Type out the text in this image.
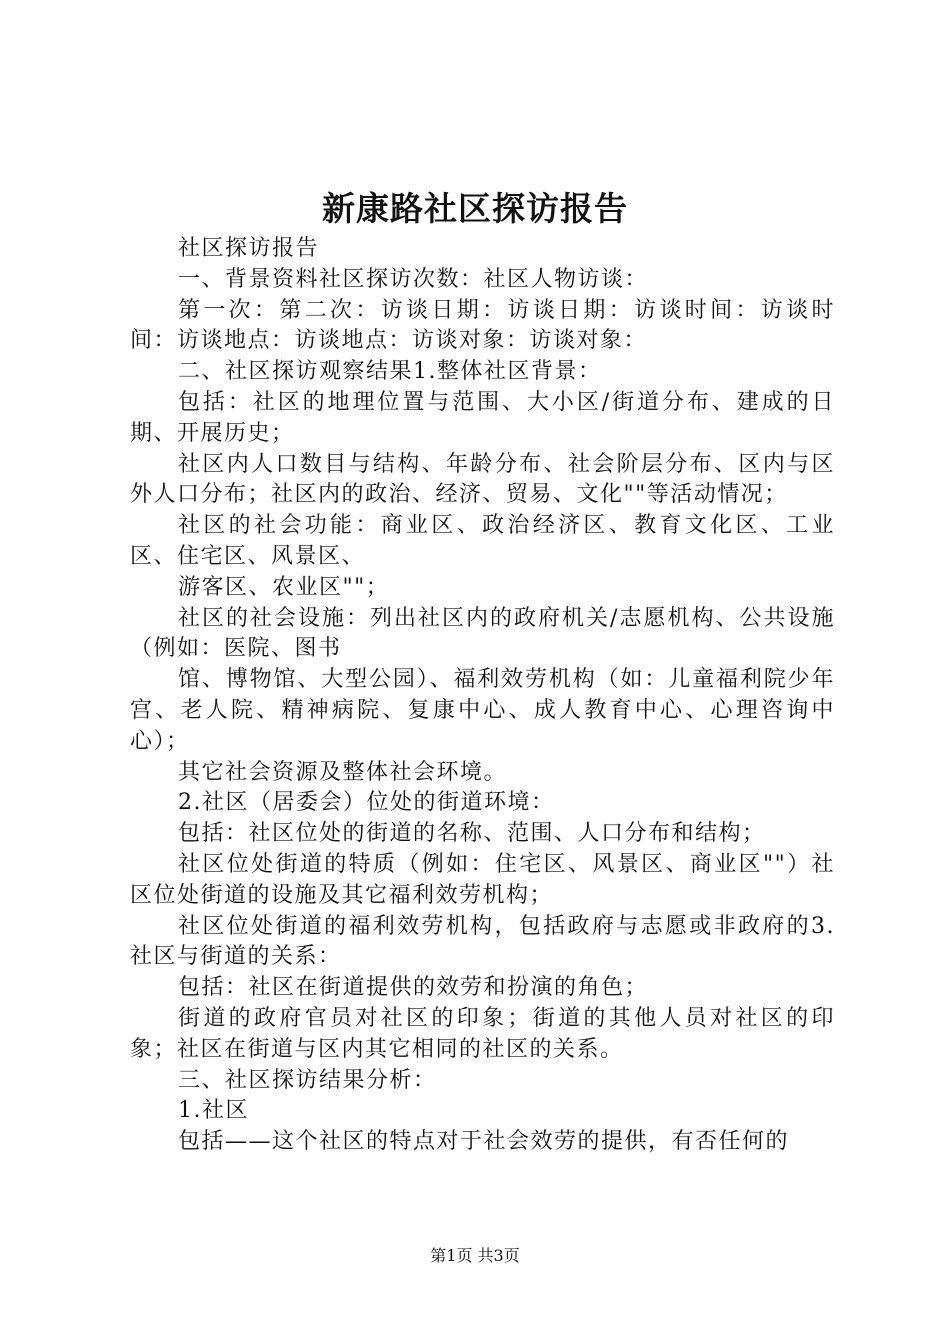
新康路社区探访报告

社区探访报告

一、背景资料社区探访次数：社区人物访谈：

第一次：第二次：访谈日期：访谈日期：访谈时间：访谈时间：访谈地点：访谈地点：访谈对象：访谈对象：

二、社区探访观察结果1.整体社区背景：

包括：社区的地理位置与范围、大小区/街道分布、建成的日期、开展历史；

社区内人口数目与结构、年龄分布、社会阶层分布、区内与区外人口分布；社区内的政治、经济、贸易、文化""等活动情况；

社区的社会功能：商业区、政治经济区、教育文化区、工业区、住宅区、风景区、

游客区、农业区""；

社区的社会设施：列出社区内的政府机关/志愿机构、公共设施（例如：医院、图书

馆、博物馆、大型公园）、福利效劳机构（如：儿童福利院少年宫、老人院、精神病院、复康中心、成人教育中心、心理咨询中心）；

其它社会资源及整体社会环境。

2.社区（居委会）位处的街道环境：

包括：社区位处的街道的名称、范围、人口分布和结构；

社区位处街道的特质（例如：住宅区、风景区、商业区""）社区位处街道的设施及其它福利效劳机构；

社区位处街道的福利效劳机构，包括政府与志愿或非政府的3.社区与街道的关系：

包括：社区在街道提供的效劳和扮演的角色；

街道的政府官员对社区的印象；街道的其他人员对社区的印象；社区在街道与区内其它相同的社区的关系。

三、社区探访结果分析：

1.社区

包括——这个社区的特点对于社会效劳的提供，有否任何的

第1页 共3页
